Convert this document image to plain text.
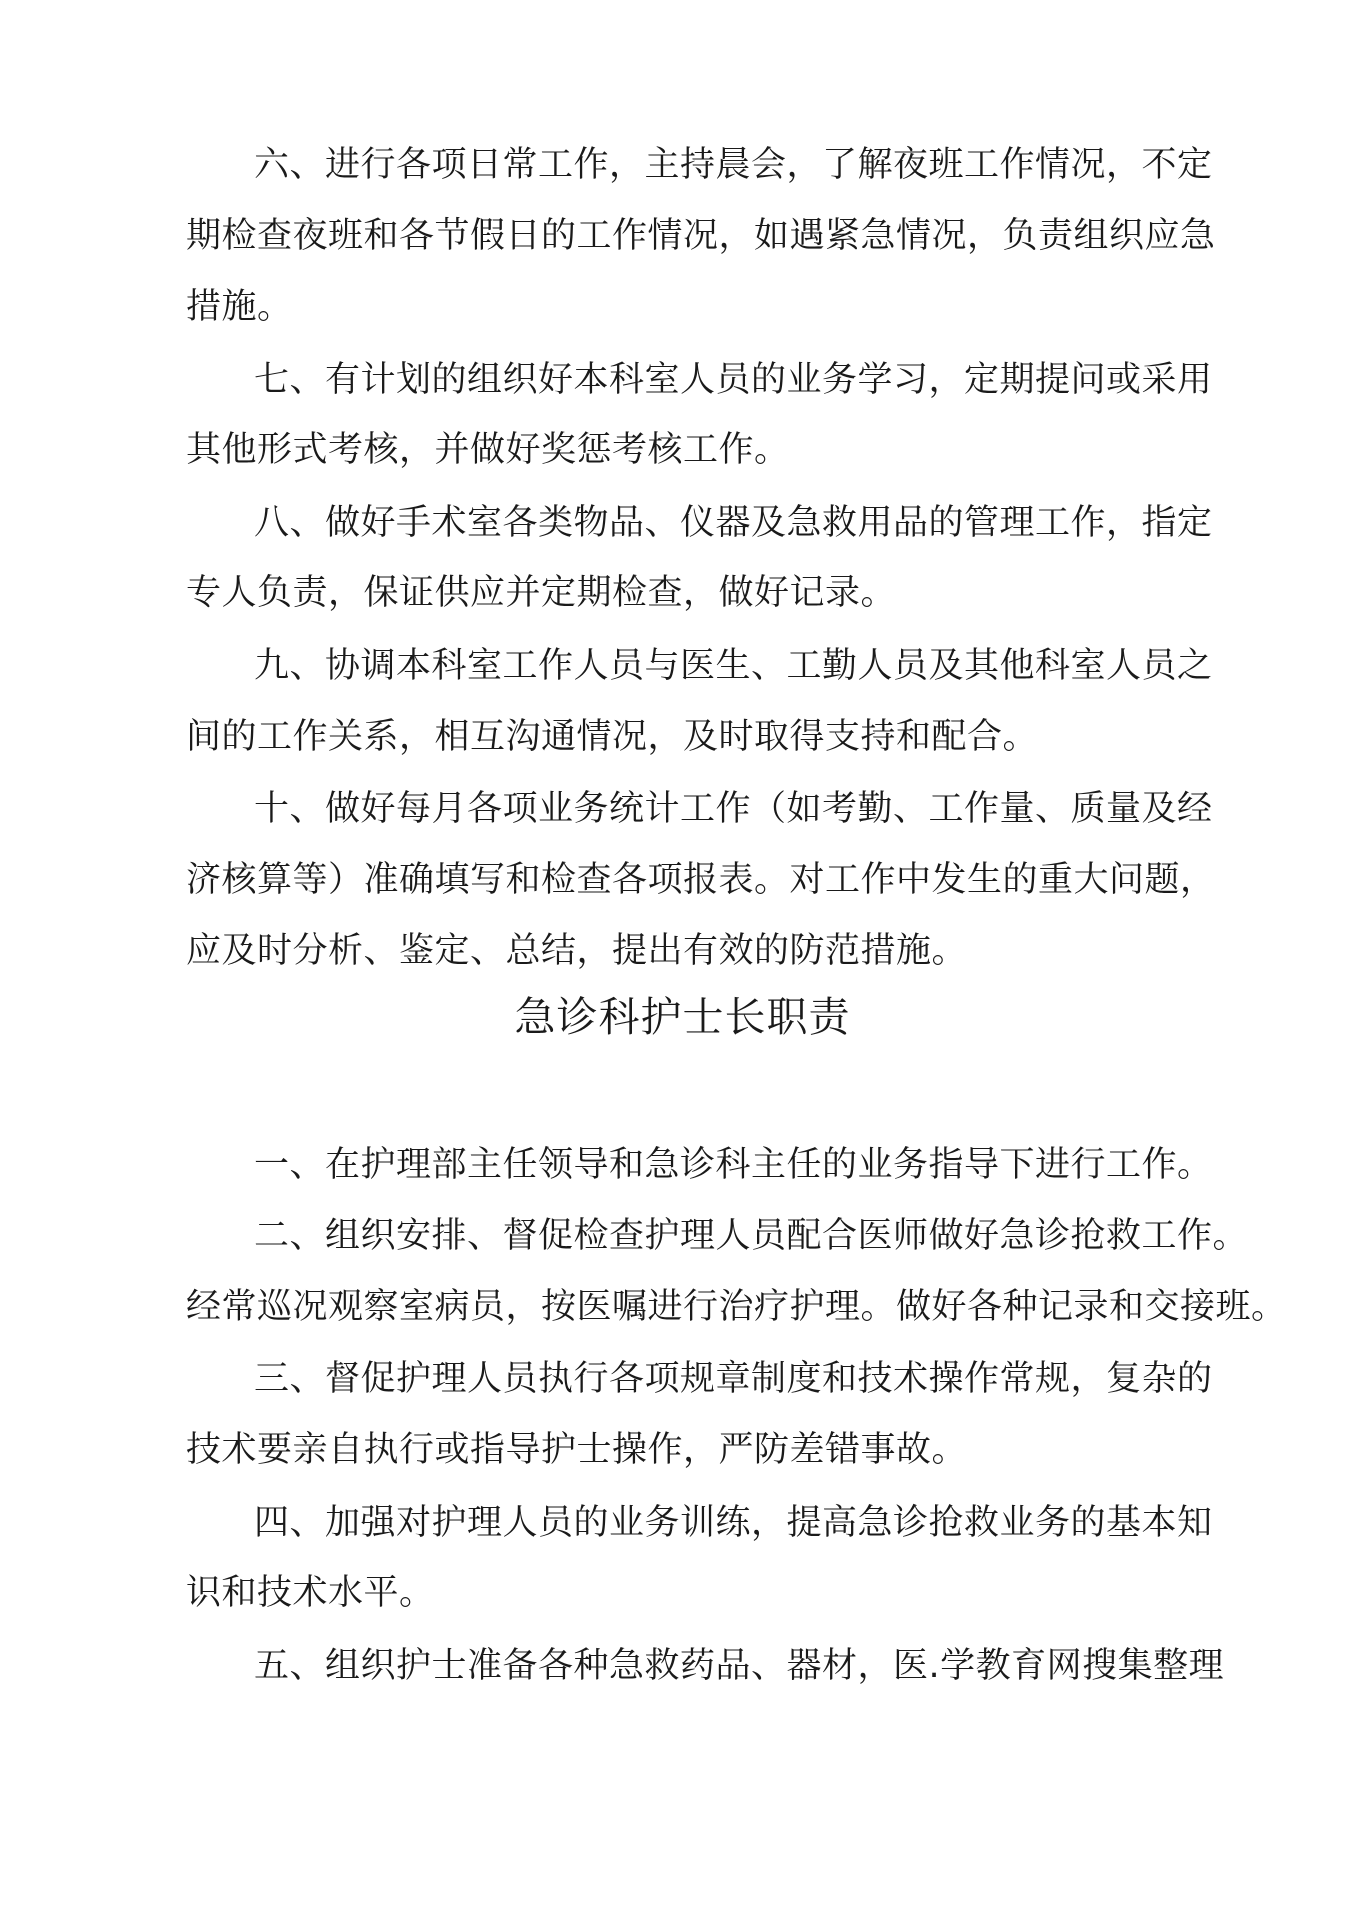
六、进行各项日常工作，主持晨会，了解夜班工作情况，不定
期检查夜班和各节假日的工作情况，如遇紧急情况，负责组织应急
措施。
七、有计划的组织好本科室人员的业务学习，定期提问或采用
其他形式考核，并做好奖惩考核工作。
八、做好手术室各类物品、仪器及急救用品的管理工作，指定
专人负责，保证供应并定期检查，做好记录。
九、协调本科室工作人员与医生、工勤人员及其他科室人员之
间的工作关系，相互沟通情况，及时取得支持和配合。
十、做好每月各项业务统计工作（如考勤、工作量、质量及经
济核算等）准确填写和检查各项报表。对工作中发生的重大问题，
应及时分析、鉴定、总结，提出有效的防范措施。
急诊科护士长职责
一、在护理部主任领导和急诊科主任的业务指导下进行工作。
二、组织安排、督促检查护理人员配合医师做好急诊抢救工作。
经常巡况观察室病员，按医嘱进行治疗护理。做好各种记录和交接班。
三、督促护理人员执行各项规章制度和技术操作常规，复杂的
技术要亲自执行或指导护士操作，严防差错事故。
四、加强对护理人员的业务训练，提高急诊抢救业务的基本知
识和技术水平。
五、组织护士准备各种急救药品、器材，医.学教育网搜集整理
